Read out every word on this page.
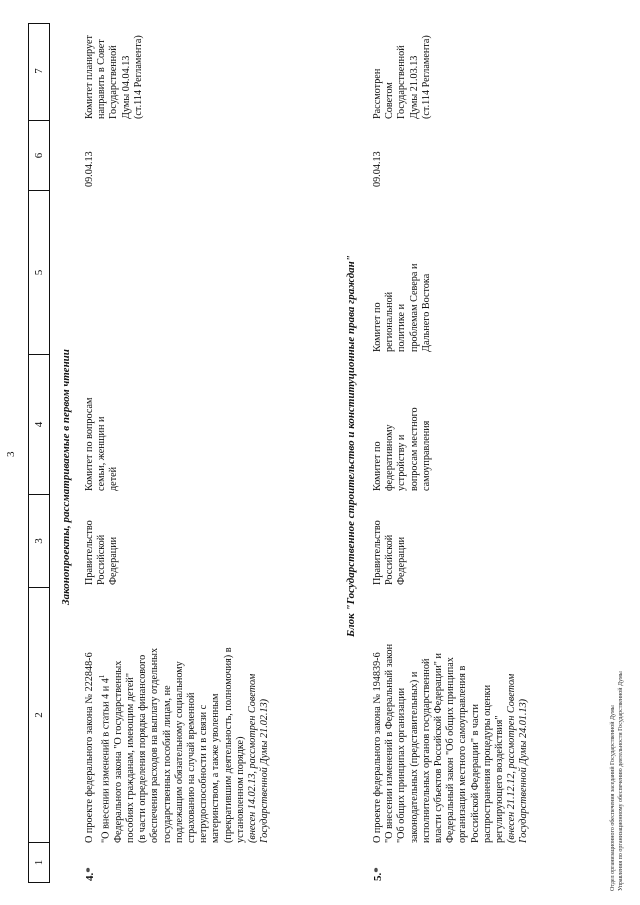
3
1
2
3
4
5
6
7
Законопроекты, рассматриваемые в первом чтении
4.*
О проекте федерального закона № 222848-6 "О внесении изменений в статьи 4 и $4^1$ Федерального закона "О государственных пособиях гражданам, имеющим детей" (в части определения порядка финансового обеспечения расходов на выплату отдельных государственных пособий лицам, не подлежащим обязательному социальному страхованию на случай временной нетрудоспособности и в связи с материнством, а также уволенным (прекратившим деятельность, полномочия) в установленном порядке) (внесен 14.02.13, рассмотрен Советом Государственной Думы 21.02.13)
Правительство Российской Федерации
Комитет по вопросам семьи, женщин и детей
09.04.13
Комитет планирует направить в Совет Государственной Думы 04.04.13 (ст.114 Регламента)
Блок "Государственное строительство и конституционные права граждан"
5.*
О проекте федерального закона № 194839-6 "О внесении изменений в Федеральный закон "Об общих принципах организации законодательных (представительных) и исполнительных органов государственной власти субъектов Российской Федерации" и Федеральный закон "Об общих принципах организации местного самоуправления в Российской Федерации" в части распространения процедуры оценки регулирующего воздействия" (внесен 21.12.12, рассмотрен Советом Государственной Думы 24.01.13)
Правительство Российской Федерации
Комитет по федеративному устройству и вопросам местного самоуправления
Комитет по региональной политике и проблемам Севера и Дальнего Востока
09.04.13
Рассмотрен Советом Государственной Думы 21.03.13 (ст.114 Регламента)
Отдел организационного обеспечения заседаний Государственной Думы Управления по организационному обеспечению деятельности Государственной Думы
